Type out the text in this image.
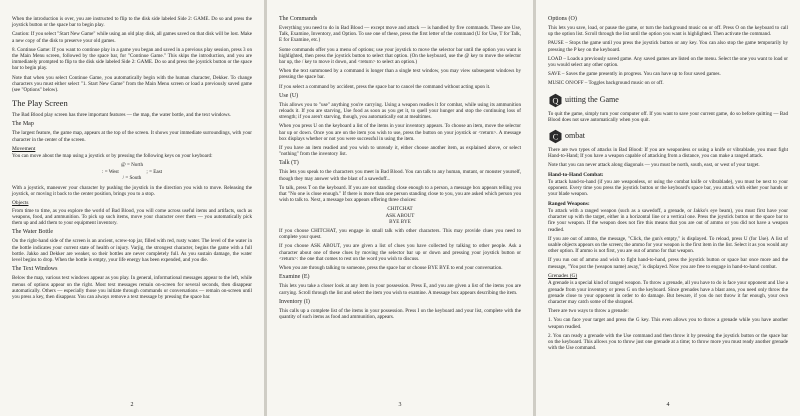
When the introduction is over, you are instructed to flip to the disk side labeled Side 2: GAME. Do so and press the joystick button or the space bar to begin play.

Caution: If you select "Start New Game" while using an old play disk, all games saved on that disk will be lost. Make a new copy of the disk to preserve your old games.

8. Continue Game: If you want to continue play in a game you began and saved in a previous play session, press 3 on the Main Menu screen, followed by the space bar, for "Continue Game." This skips the introduction, and you are immediately prompted to flip to the disk side labeled Side 2: GAME. Do so and press the joystick button or the space bar to begin play.

Note that when you select Continue Game, you automatically begin with the human character, Dekker. To change characters you must either select "1. Start New Game" from the Main Menu screen or load a previously saved game (see "Options" below).

The Play Screen

The Bad Blood play screen has three important features — the map, the water bottle, and the text windows.

The Map

The largest feature, the game map, appears at the top of the screen. It shows your immediate surroundings, with your character in the center of the screen.

Movement

You can move about the map using a joystick or by pressing the following keys on your keyboard:

@ = North
: = West	; = East
/ = South

With a joystick, maneuver your character by pushing the joystick in the direction you wish to move. Releasing the joystick, or moving it back to the center position, brings you to a stop.

Objects

From time to time, as you explore the world of Bad Blood, you will come across useful items and artifacts, such as weapons, food, and ammunition. To pick up such items, move your character over them — you automatically pick them up and add them to your equipment inventory.

The Water Bottle

On the right-hand side of the screen is an ancient, screw-top jar, filled with red, rusty water. The level of the water in the bottle indicates your current state of health or injury. Varjig, the strongest character, begins the game with a full bottle. Jakko and Dekker are weaker, so their bottles are never completely full. As you sustain damage, the water level begins to drop. When the bottle is empty, your life energy has been expended, and you die.

The Text Windows

Below the map, various text windows appear as you play. In general, informational messages appear to the left, while menus of options appear on the right. Most text messages remain on-screen for several seconds, then disappear automatically. Others — especially those you initiate through commands or conversations — remain on-screen until you press a key, then disappear. You can always remove a text message by pressing the space bar.

2
The Commands

Everything you need to do in Bad Blood — except move and attack — is handled by five commands. These are Use, Talk, Examine, Inventory, and Option. To use one of these, press the first letter of the command (U for Use, T for Talk, E for Examine, etc.)

Some commands offer you a menu of options; use your joystick to move the selector bar until the option you want is highlighted, then press the joystick button to select that option. (On the keyboard, use the @ key to move the selector bar up, the / key to move it down, and <return> to select an option.)

When the text summoned by a command is longer than a single text window, you may view subsequent windows by pressing the space bar.

If you select a command by accident, press the space bar to cancel the command without acting upon it.

Use (U)

This allows you to "use" anything you're carrying. Using a weapon readies it for combat, while using its ammunition reloads it. If you are starving, Use food as soon as you get it, to quell your hunger and stop the continuing loss of strength; if you aren't starving, though, you automatically eat at mealtimes.

When you press U on the keyboard a list of the items in your inventory appears. To choose an item, move the selector bar up or down. Once you are on the item you wish to use, press the button on your joystick or <return>. A message box displays whether or not you were successful in using the item.

If you have an item readied and you wish to unready it, either choose another item, as explained above, or select "nothing" from the inventory list.

Talk (T)

This lets you speak to the characters you meet in Bad Blood. You can talk to any human, mutant, or monster yourself, though they may answer with the blast of a sawedoff...

To talk, press T on the keyboard. If you are not standing close enough to a person, a message box appears telling you that "No one is close enough." If there is more than one person standing close to you, you are asked which person you wish to talk to. Next, a message box appears offering three choices:

CHITCHAT
ASK ABOUT
BYE BYE

If you choose CHITCHAT, you engage in small talk with other characters. This may provide clues you need to complete your quest.

If you choose ASK ABOUT, you are given a list of clues you have collected by talking to other people. Ask a character about one of these clues by moving the selector bar up or down and pressing your joystick button or <return>: the one that comes to rest on the word you wish to discuss.

When you are through talking to someone, press the space bar or choose BYE BYE to end your conversation.

Examine (E)

This lets you take a closer look at any item in your possession. Press E, and you are given a list of the items you are carrying. Scroll through the list and select the item you wish to examine. A message box appears describing the item.

Inventory (I)

This calls up a complete list of the items in your possession. Press I on the keyboard and your list, complete with the quantity of such items as food and ammunition, appears.

3
Options (O)

This lets you save, load, or pause the game, or turn the background music on or off. Press O on the keyboard to call up the option list. Scroll through the list until the option you want is highlighted. Then activate the command.

PAUSE – Stops the game until you press the joystick button or any key. You can also stop the game temporarily by pressing the P key on the keyboard.

LOAD – Loads a previously saved game. Any saved games are listed on the menu. Select the one you want to load or you would select any other option.

SAVE – Saves the game presently in progress. You can have up to four saved games.

MUSIC ON/OFF – Toggles background music on or off.

Q uitting the Game

To quit the game, simply turn your computer off. If you want to save your current game, do so before quitting — Bad Blood does not save automatically when you quit.

C ombat

There are two types of attacks in Bad Blood: If you are weaponless or using a knife or vibrablade, you must fight Hand-to-Hand; If you have a weapon capable of attacking from a distance, you can make a ranged attack.

Note that you can never attack along diagonals — you must be north, south, east, or west of your target.

Hand-to-Hand Combat:

To attack hand-to-hand (if you are weaponless, or using the combat knife or vibrablade), you must be next to your opponent. Every time you press the joystick button or the keyboard's space bar, you attack with either your hands or your blade weapon.

Ranged Weapons:

To attack with a ranged weapon (such as a sawedoff, a grenade, or Jakko's eye beam), you must first have your character up with the target, either in a horizontal line or a vertical one. Press the joystick button or the space bar to fire your weapon. If the weapon does not fire this means that you are out of ammo or you did not have a weapon readied.

If you are out of ammo, the message, "Click, the gun's empty," is displayed. To reload, press U (for Use). A list of usable objects appears on the screen; the ammo for your weapon is the first item in the list. Select it as you would any other option. If ammo is not first, you are out of ammo for that weapon.

If you run out of ammo and wish to fight hand-to-hand, press the joystick button or space bar once more and the message, "You put the (weapon name) away," is displayed. Now you are free to engage in hand-to-hand combat.

Grenades (G)

A grenade is a special kind of ranged weapon. To throw a grenade, all you have to do is face your opponent and Use a grenade from your inventory or press G on the keyboard. Since grenades have a blast area, you need only throw the grenade close to your opponent in order to do damage. But beware, if you do not throw it far enough, your own character may catch some of the shrapnel.

There are two ways to throw a grenade:

1. You can face your target and press the G key. This even allows you to throw a grenade while you have another weapon readied.

2. You can ready a grenade with the Use command and then throw it by pressing the joystick button or the space bar on the keyboard. This allows you to throw just one grenade at a time; to throw more you must ready another grenade with the Use command.

4
